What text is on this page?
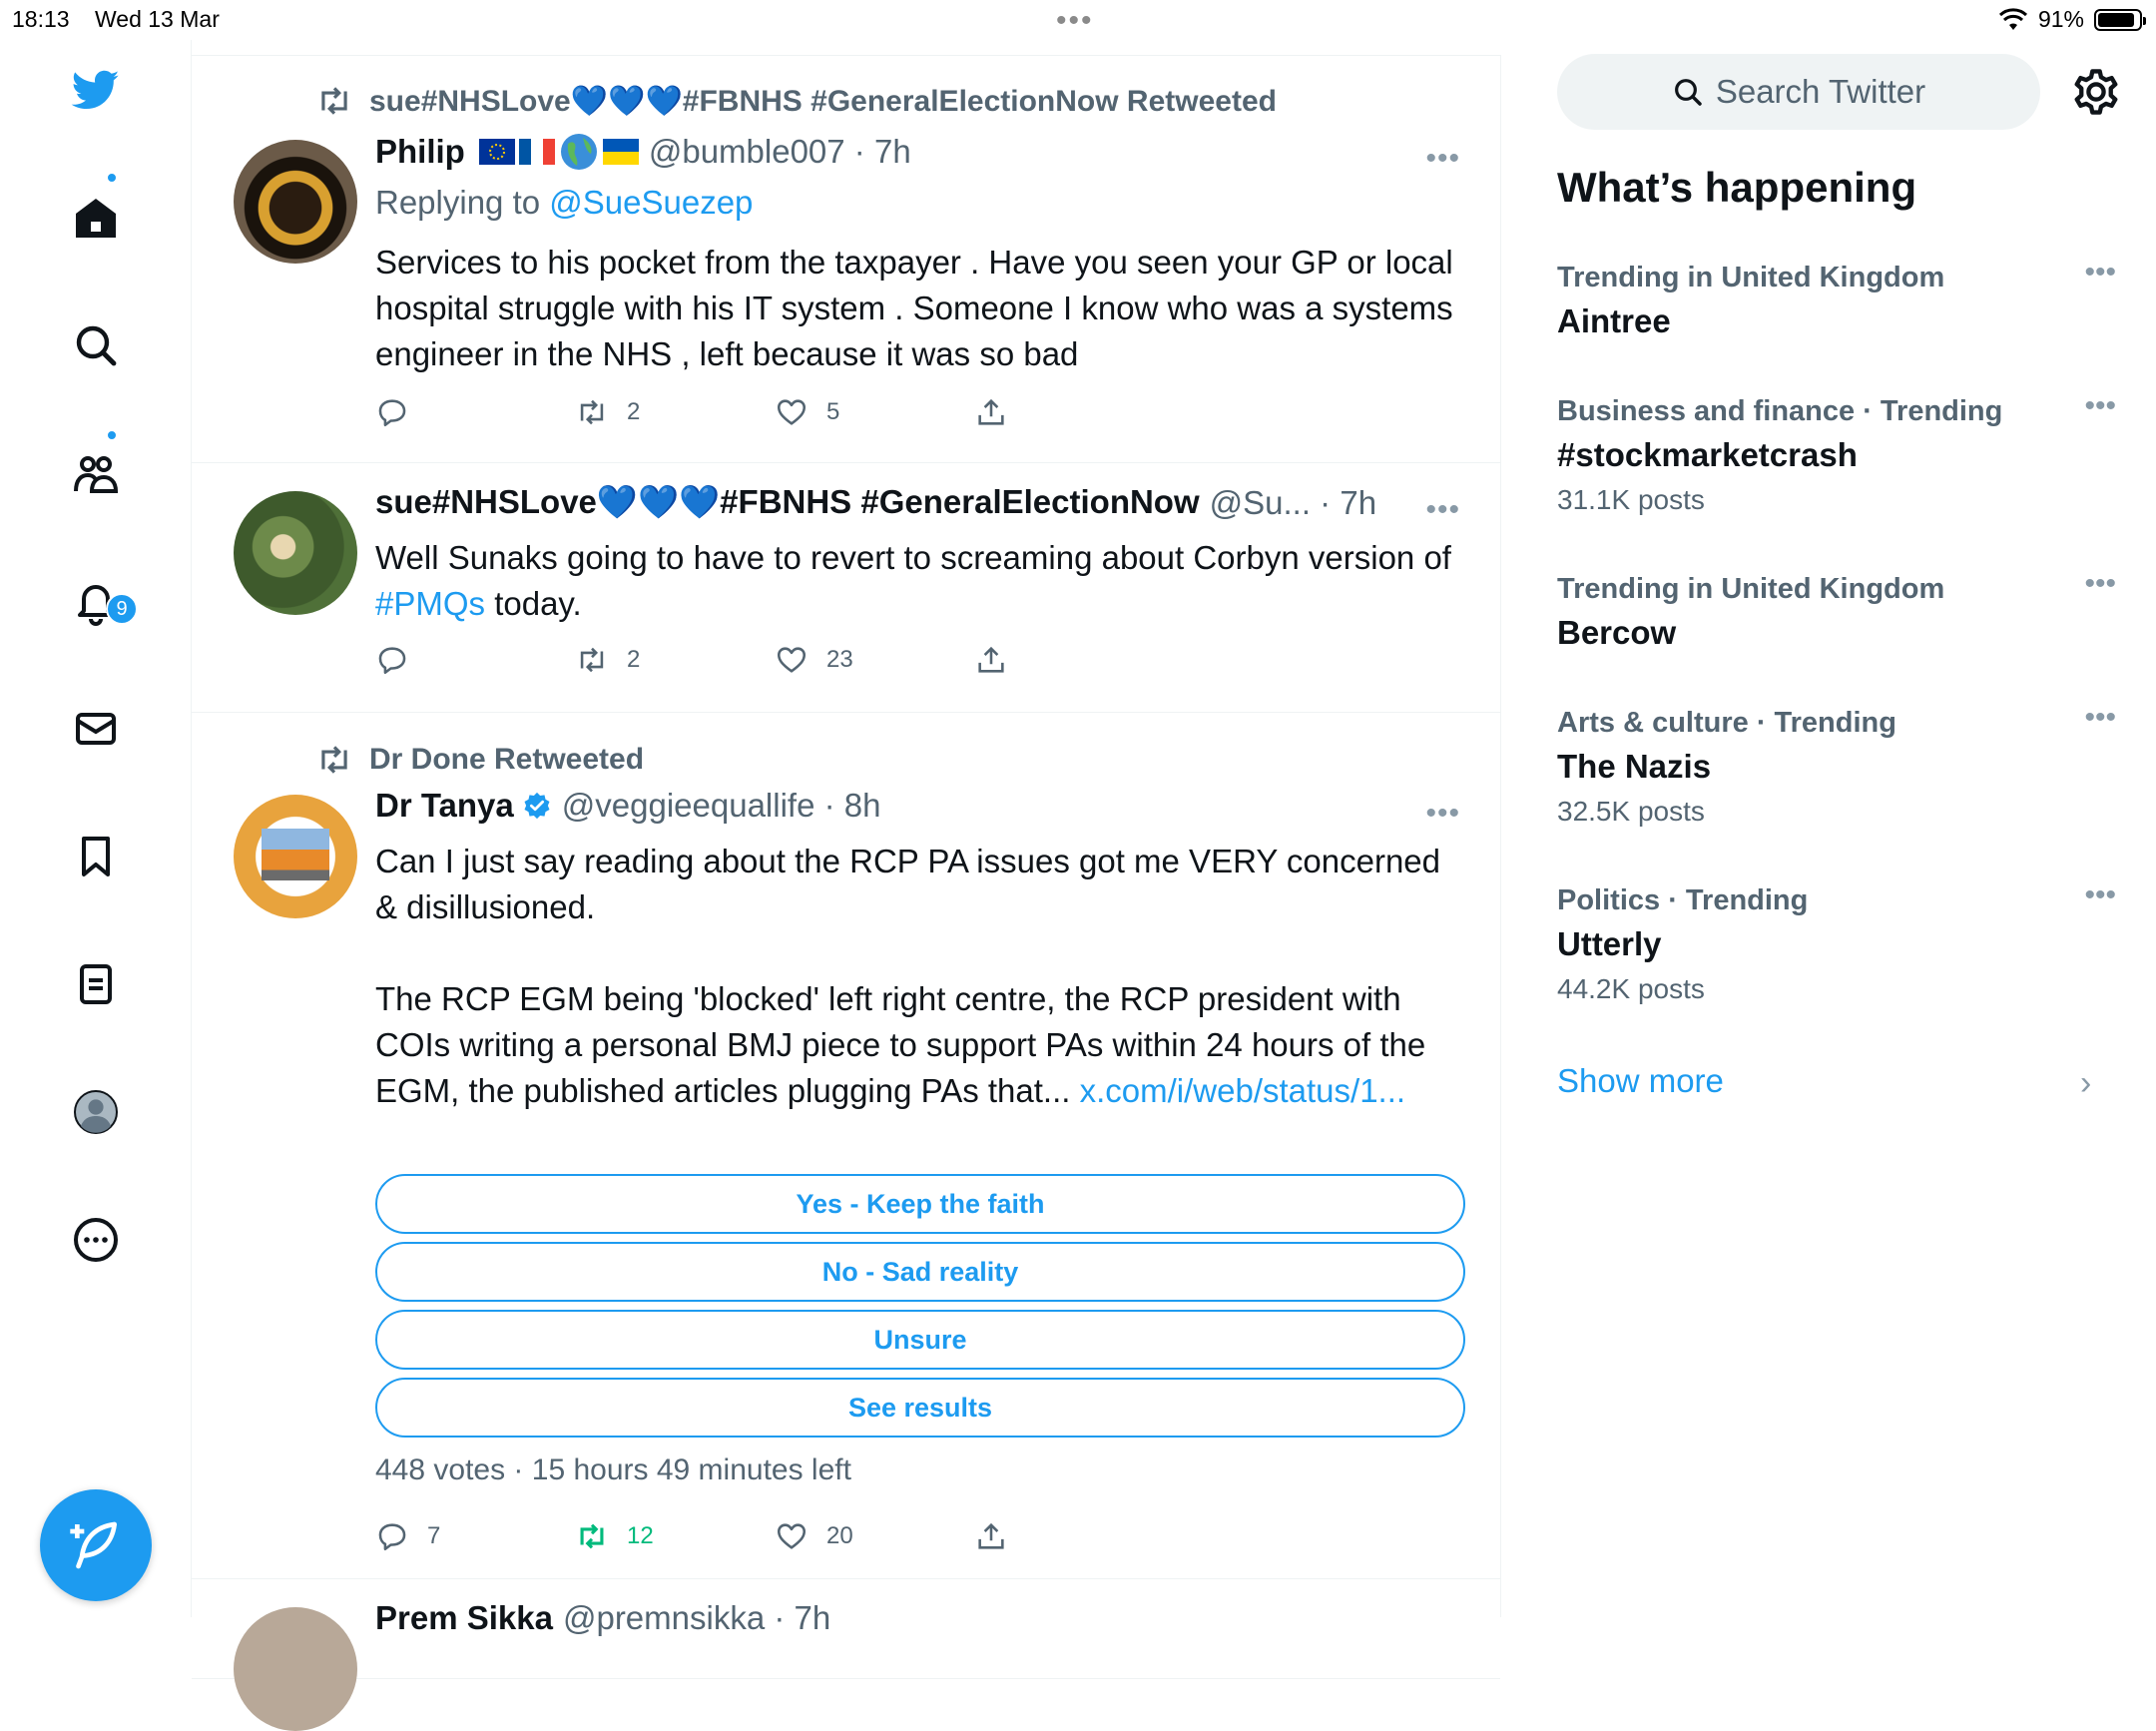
18:13 Wed 13 Mar	•••	91%
9
sue#NHSLove💙💙💙#FBNHS #GeneralElectionNow Retweeted
Philip	@bumble007 · 7h	•••
Replying to @SueSuezep
Services to his pocket from the taxpayer . Have you seen your GP or local hospital struggle with his IT system . Someone I know who was a systems engineer in the NHS , left because it was so bad
2	5
sue#NHSLove💙💙💙#FBNHS #GeneralElectionNow @Su... · 7h •••
Well Sunaks going to have to revert to screaming about Corbyn version of #PMQs today.
2	23
Dr Done Retweeted
Dr Tanya @veggieequallife · 8h	•••
Can I just say reading about the RCP PA issues got me VERY concerned & disillusioned.
The RCP EGM being 'blocked' left right centre, the RCP president with COIs writing a personal BMJ piece to support PAs within 24 hours of the EGM, the published articles plugging PAs that... x.com/i/web/status/1...
Yes - Keep the faith
No - Sad reality
Unsure
See results
448 votes · 15 hours 49 minutes left
7	12	20
Prem Sikka @premnsikka · 7h
Search Twitter
What’s happening
Trending in United Kingdom
Aintree
•••
Business and finance · Trending
#stockmarketcrash
31.1K posts
•••
Trending in United Kingdom
Bercow
•••
Arts & culture · Trending
The Nazis
32.5K posts
•••
Politics · Trending
Utterly
44.2K posts
•••
Show more	›
